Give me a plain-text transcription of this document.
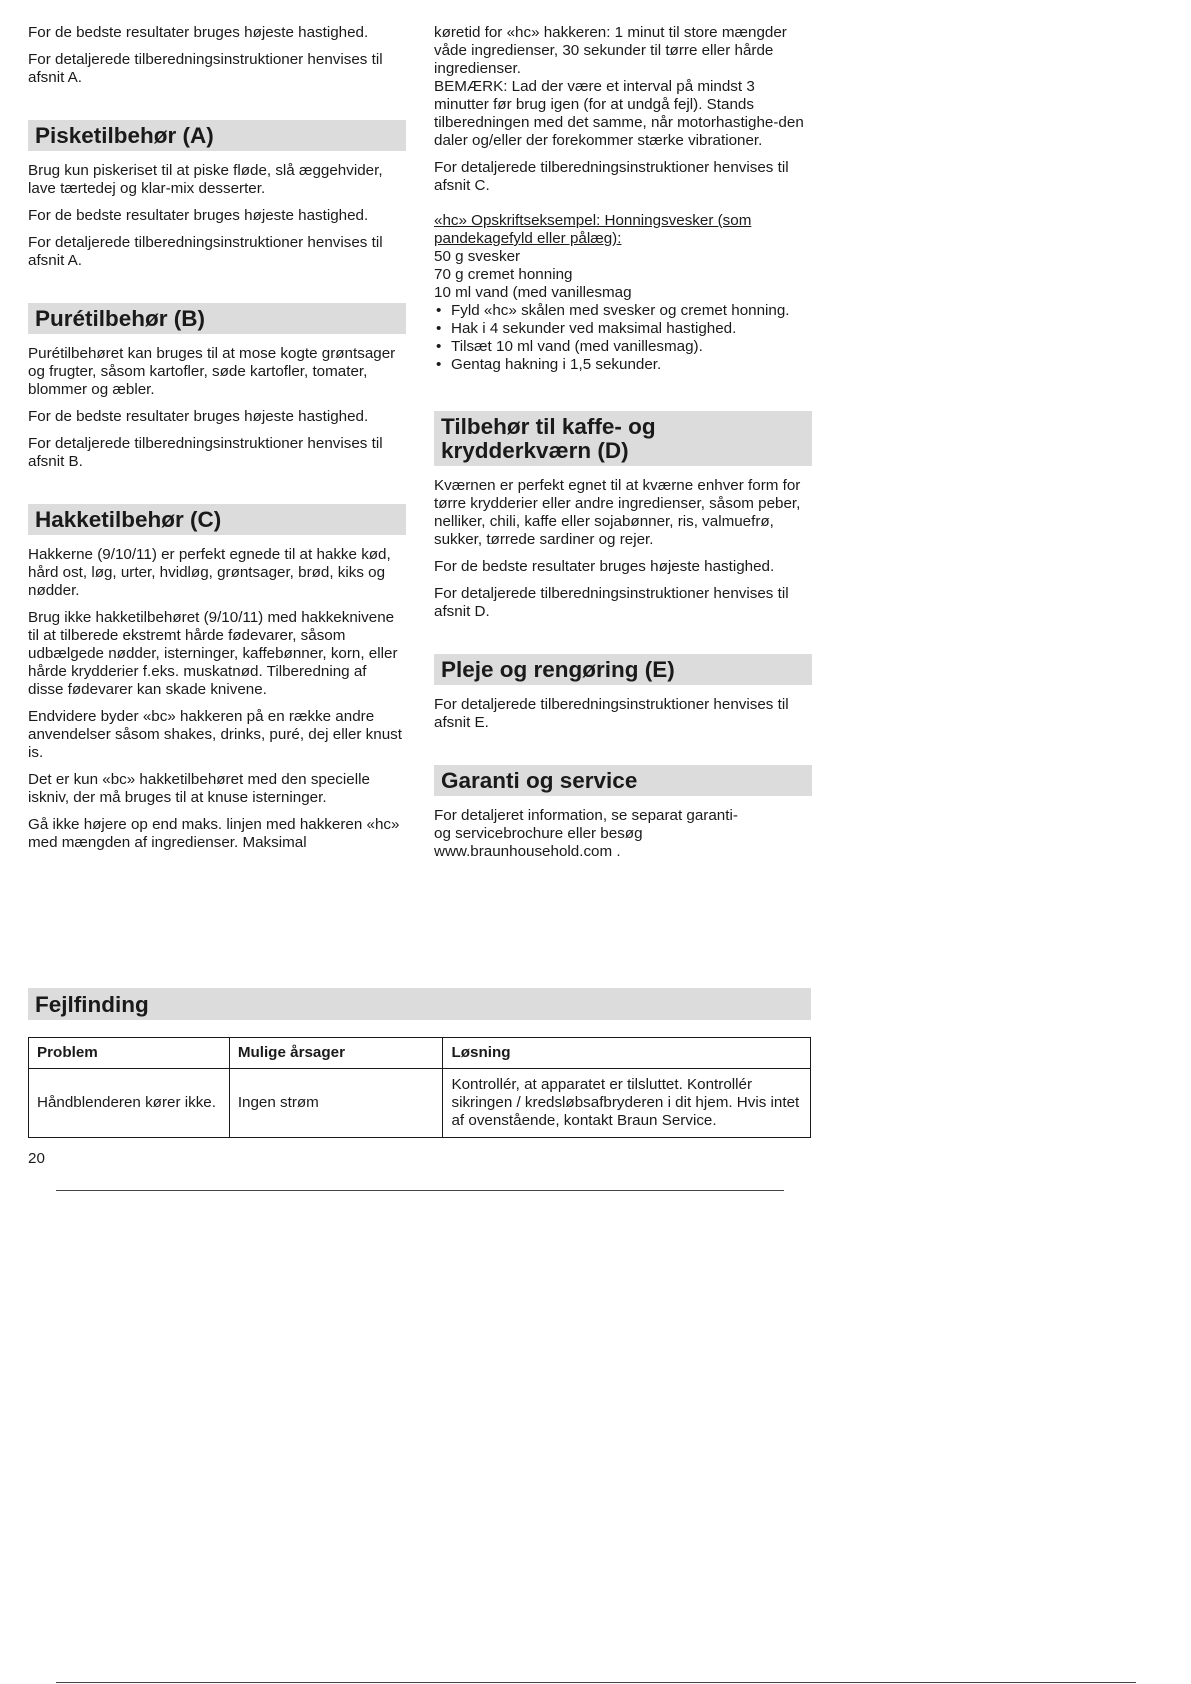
For de bedste resultater bruges højeste hastighed.

For detaljerede tilberedningsinstruktioner henvises til afsnit A.

Pisketilbehør (A)

Brug kun piskeriset til at piske fløde, slå æggehvider, lave tærtedej og klar-mix desserter.

For de bedste resultater bruges højeste hastighed.

For detaljerede tilberedningsinstruktioner henvises til afsnit A.

Purétilbehør (B)

Purétilbehøret kan bruges til at mose kogte grøntsager og frugter, såsom kartofler, søde kartofler, tomater, blommer og æbler.

For de bedste resultater bruges højeste hastighed.

For detaljerede tilberedningsinstruktioner henvises til afsnit B.

Hakketilbehør (C)

Hakkerne (9/10/11) er perfekt egnede til at hakke kød, hård ost, løg, urter, hvidløg, grøntsager, brød, kiks og nødder.

Brug ikke hakketilbehøret (9/10/11) med hakkeknivene til at tilberede ekstremt hårde fødevarer, såsom udbælgede nødder, isterninger, kaffebønner, korn, eller hårde krydderier f.eks. muskatnød. Tilberedning af disse fødevarer kan skade knivene.

Endvidere byder «bc» hakkeren på en række andre anvendelser såsom shakes, drinks, puré, dej eller knust is.

Det er kun «bc» hakketilbehøret med den specielle iskniv, der må bruges til at knuse isterninger.

Gå ikke højere op end maks. linjen med hakkeren «hc» med mængden af ingredienser. Maksimal

køretid for «hc» hakkeren: 1 minut til store mængder våde ingredienser, 30 sekunder til tørre eller hårde ingredienser.

BEMÆRK: Lad der være et interval på mindst 3 minutter før brug igen (for at undgå fejl). Stands tilberedningen med det samme, når motorhastighe-den daler og/eller der forekommer stærke vibrationer.

For detaljerede tilberedningsinstruktioner henvises til afsnit C.

«hc» Opskriftseksempel: Honningsvesker (som pandekagefyld eller pålæg):
50 g svesker
70 g cremet honning
10 ml vand (med vanillesmag
• Fyld «hc» skålen med svesker og cremet honning.
• Hak i 4 sekunder ved maksimal hastighed.
• Tilsæt 10 ml vand (med vanillesmag).
• Gentag hakning i 1,5 sekunder.
Tilbehør til kaffe- og
krydderkværn (D)

Kværnen er perfekt egnet til at kværne enhver form for tørre krydderier eller andre ingredienser, såsom peber, nelliker, chili, kaffe eller sojabønner, ris, valmuefrø, sukker, tørrede sardiner og rejer.

For de bedste resultater bruges højeste hastighed.

For detaljerede tilberedningsinstruktioner henvises til afsnit D.

Pleje og rengøring (E)

For detaljerede tilberedningsinstruktioner henvises til afsnit E.

Garanti og service
For detaljeret information, se separat garanti-
og servicebrochure eller besøg
www.braunhousehold.com .
Fejlfinding
Problem	Mulige årsager	Løsning
Håndblenderen kører ikke.	Ingen strøm	Kontrollér, at apparatet er tilsluttet. Kontrollér sikringen / kredsløbsafbryderen i dit hjem. Hvis intet af ovenstående, kontakt Braun Service.
20
